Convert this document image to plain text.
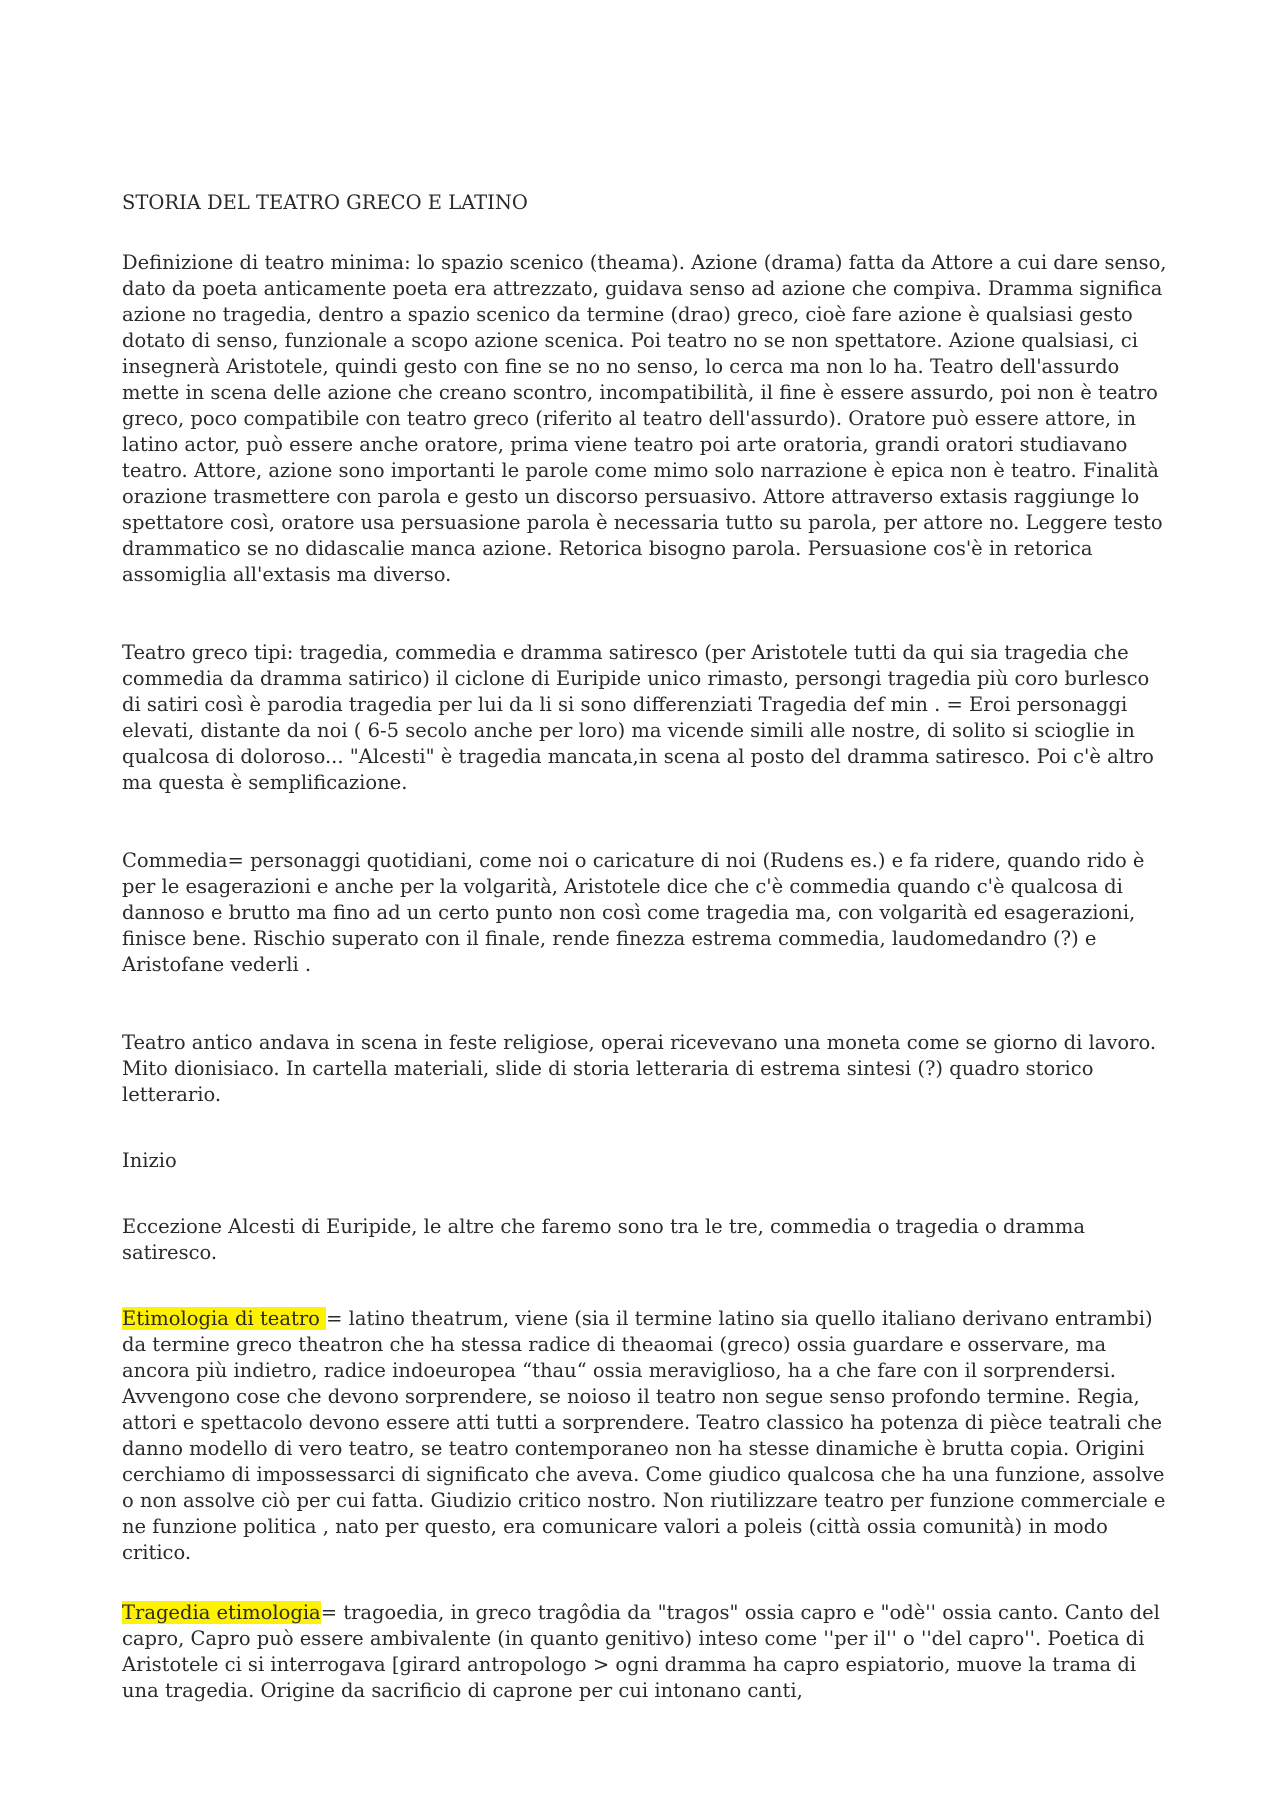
STORIA DEL TEATRO GRECO E LATINO

Definizione di teatro minima: lo spazio scenico (theama). Azione (drama) fatta da Attore a cui dare senso, dato da poeta anticamente poeta era attrezzato, guidava senso ad azione che compiva. Dramma significa azione no tragedia, dentro a spazio scenico da termine (drao) greco, cioè fare azione è qualsiasi gesto dotato di senso, funzionale a scopo azione scenica. Poi teatro no se non spettatore. Azione qualsiasi, ci insegnerà Aristotele, quindi gesto con fine se no no senso, lo cerca ma non lo ha. Teatro dell'assurdo mette in scena delle azione che creano scontro, incompatibilità, il fine è essere assurdo, poi non è teatro greco, poco compatibile con teatro greco (riferito al teatro dell'assurdo). Oratore può essere attore, in latino actor, può essere anche oratore, prima viene teatro poi arte oratoria, grandi oratori studiavano teatro. Attore, azione sono importanti le parole come mimo solo narrazione è epica non è teatro. Finalità orazione trasmettere con parola e gesto un discorso persuasivo. Attore attraverso extasis raggiunge lo spettatore così, oratore usa persuasione parola è necessaria tutto su parola, per attore no. Leggere testo drammatico se no didascalie manca azione. Retorica bisogno parola. Persuasione cos'è in retorica assomiglia all'extasis ma diverso.

Teatro greco tipi: tragedia, commedia e dramma satiresco (per Aristotele tutti da qui sia tragedia che commedia da dramma satirico) il ciclone di Euripide unico rimasto, persongi tragedia più coro burlesco di satiri così è parodia tragedia per lui da li si sono differenziati Tragedia def min . = Eroi personaggi elevati, distante da noi ( 6-5 secolo anche per loro) ma vicende simili alle nostre, di solito si scioglie in qualcosa di doloroso... "Alcesti" è tragedia mancata,in scena al posto del dramma satiresco. Poi c'è altro ma questa è semplificazione.

Commedia= personaggi quotidiani, come noi o caricature di noi (Rudens es.) e fa ridere, quando rido è per le esagerazioni e anche per la volgarità, Aristotele dice che c'è commedia quando c'è qualcosa di dannoso e brutto ma fino ad un certo punto non così come tragedia ma, con volgarità ed esagerazioni, finisce bene. Rischio superato con il finale, rende finezza estrema commedia, laudomedandro (?) e Aristofane vederli .

Teatro antico andava in scena in feste religiose, operai ricevevano una moneta come se giorno di lavoro. Mito dionisiaco. In cartella materiali, slide di storia letteraria di estrema sintesi (?) quadro storico letterario.

Inizio

Eccezione Alcesti di Euripide, le altre che faremo sono tra le tre, commedia o tragedia o dramma satiresco.

Etimologia di teatro = latino theatrum, viene (sia il termine latino sia quello italiano derivano entrambi) da termine greco theatron che ha stessa radice di theaomai (greco) ossia guardare e osservare, ma ancora più indietro, radice indoeuropea “thau“ ossia meraviglioso, ha a che fare con il sorprendersi. Avvengono cose che devono sorprendere, se noioso il teatro non segue senso profondo termine. Regia, attori e spettacolo devono essere atti tutti a sorprendere. Teatro classico ha potenza di pièce teatrali che danno modello di vero teatro, se teatro contemporaneo non ha stesse dinamiche è brutta copia. Origini cerchiamo di impossessarci di significato che aveva. Come giudico qualcosa che ha una funzione, assolve o non assolve ciò per cui fatta. Giudizio critico nostro. Non riutilizzare teatro per funzione commerciale e ne funzione politica , nato per questo, era comunicare valori a poleis (città ossia comunità) in modo critico.

Tragedia etimologia= tragoedia, in greco tragôdia da "tragos" ossia capro e "odè'' ossia canto. Canto del capro, Capro può essere ambivalente (in quanto genitivo) inteso come ''per il'' o ''del capro''. Poetica di Aristotele ci si interrogava [girard antropologo > ogni dramma ha capro espiatorio, muove la trama di una tragedia. Origine da sacrificio di caprone per cui intonano canti,
